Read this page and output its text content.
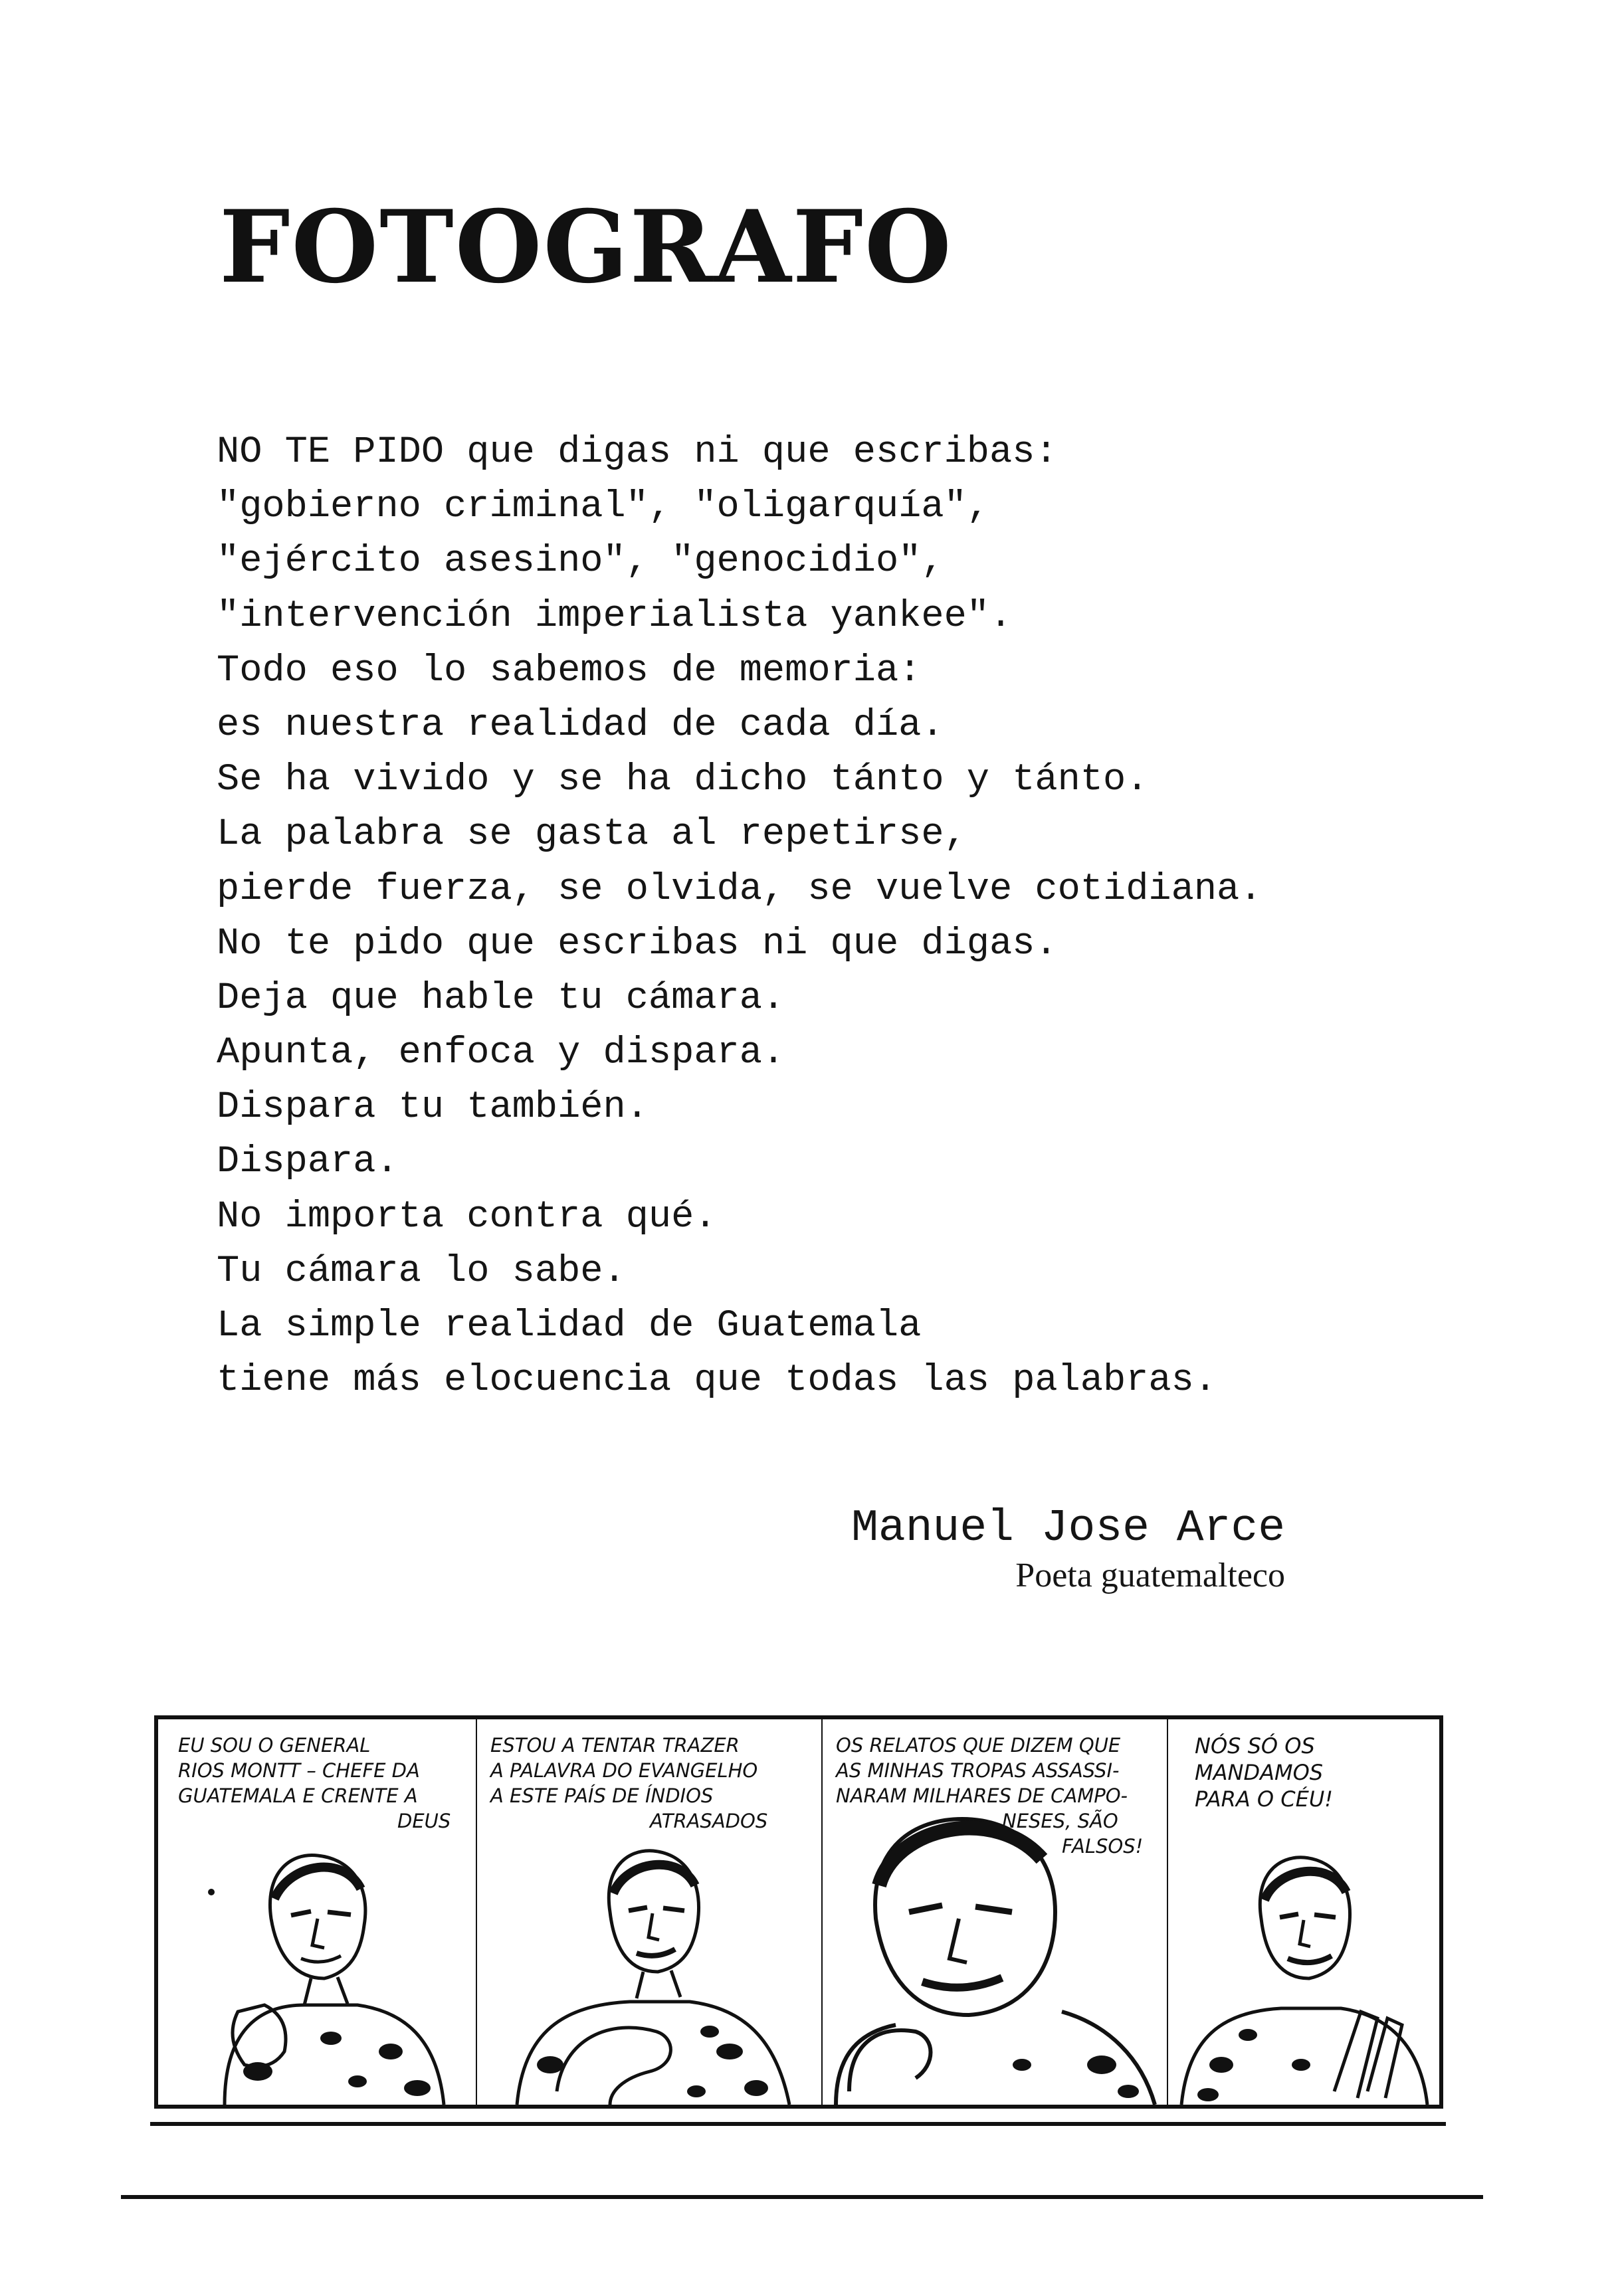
FOTOGRAFO
NO TE PIDO que digas ni que escribas:
"gobierno criminal", "oligarquía",
"ejército asesino", "genocidio",
"intervención imperialista yankee".
Todo eso lo sabemos de memoria:
es nuestra realidad de cada día.
Se ha vivido y se ha dicho tánto y tánto.
La palabra se gasta al repetirse,
pierde fuerza, se olvida, se vuelve cotidiana.
No te pido que escribas ni que digas.
Deja que hable tu cámara.
Apunta, enfoca y dispara.
Dispara tu también.
Dispara.
No importa contra qué.
Tu cámara lo sabe.
La simple realidad de Guatemala
tiene más elocuencia que todas las palabras.
Manuel Jose Arce
Poeta guatemalteco
EU SOU O GENERAL
RIOS MONTT – CHEFE DA
GUATEMALA E CRENTE A
DEUS
ESTOU A TENTAR TRAZER
A PALAVRA DO EVANGELHO
A ESTE PAÍS DE ÍNDIOS
ATRASADOS
OS RELATOS QUE DIZEM QUE
AS MINHAS TROPAS ASSASSI-
NARAM MILHARES DE CAMPO-
NESES, SÃO
FALSOS!
NÓS SÓ OS
MANDAMOS
PARA O CÉU!
